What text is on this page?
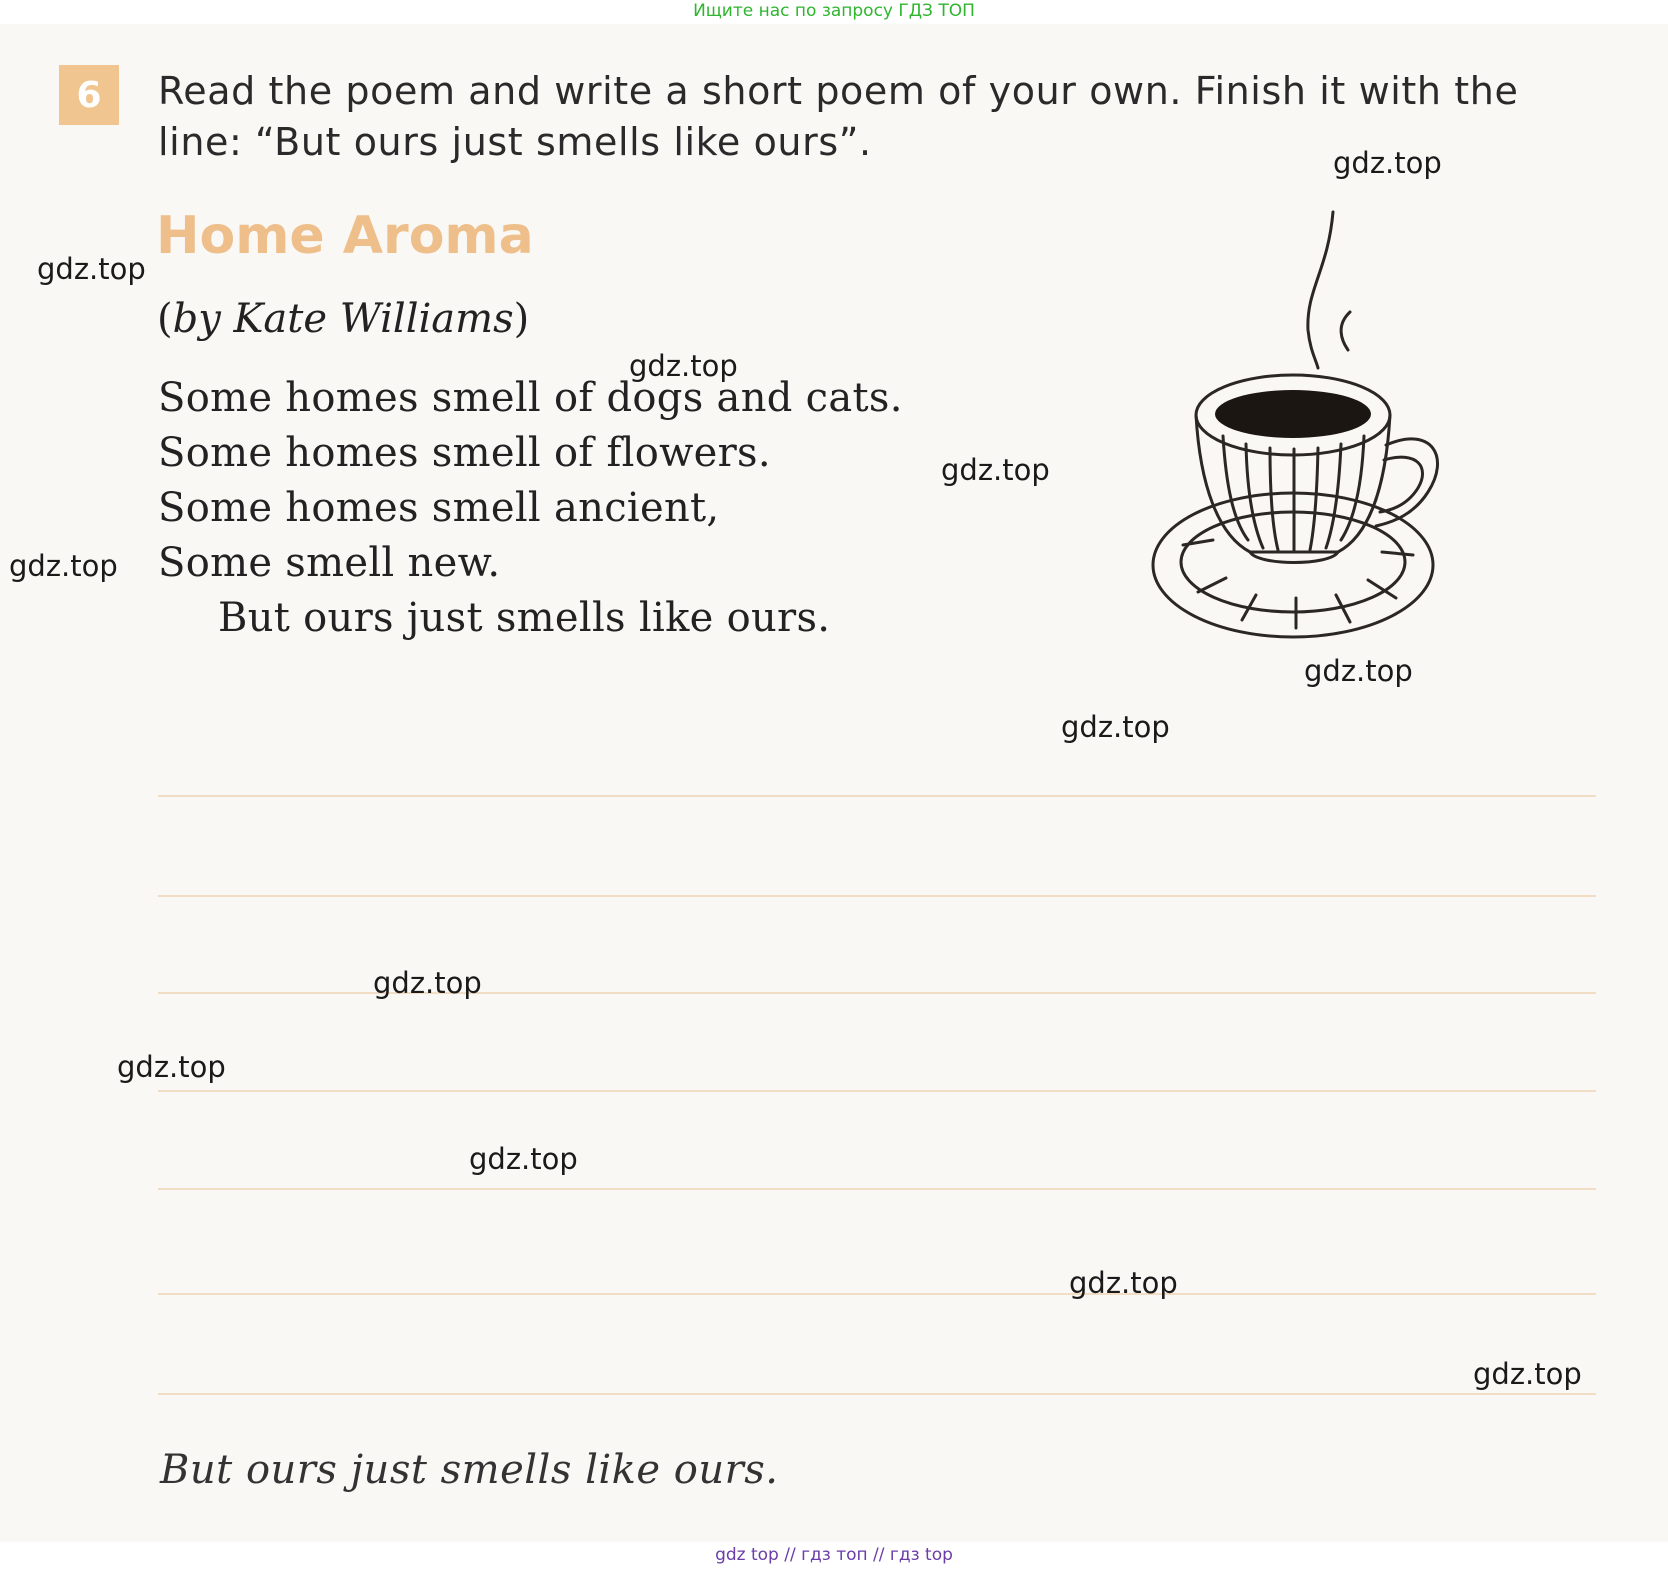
Ищите нас по запросу ГДЗ ТОП
6	Read the poem and write a short poem of your own. Finish it with the
line: “But ours just smells like ours”.
Home Aroma
(by Kate Williams)
Some homes smell of dogs and cats.
Some homes smell of flowers.
Some homes smell ancient,
Some smell new.
But ours just smells like ours.
But ours just smells like ours.
gdz.top
gdz.top
gdz.top
gdz.top
gdz.top
gdz.top
gdz.top
gdz.top
gdz.top
gdz.top
gdz.top
gdz.top
gdz top // гдз топ // гдз top
